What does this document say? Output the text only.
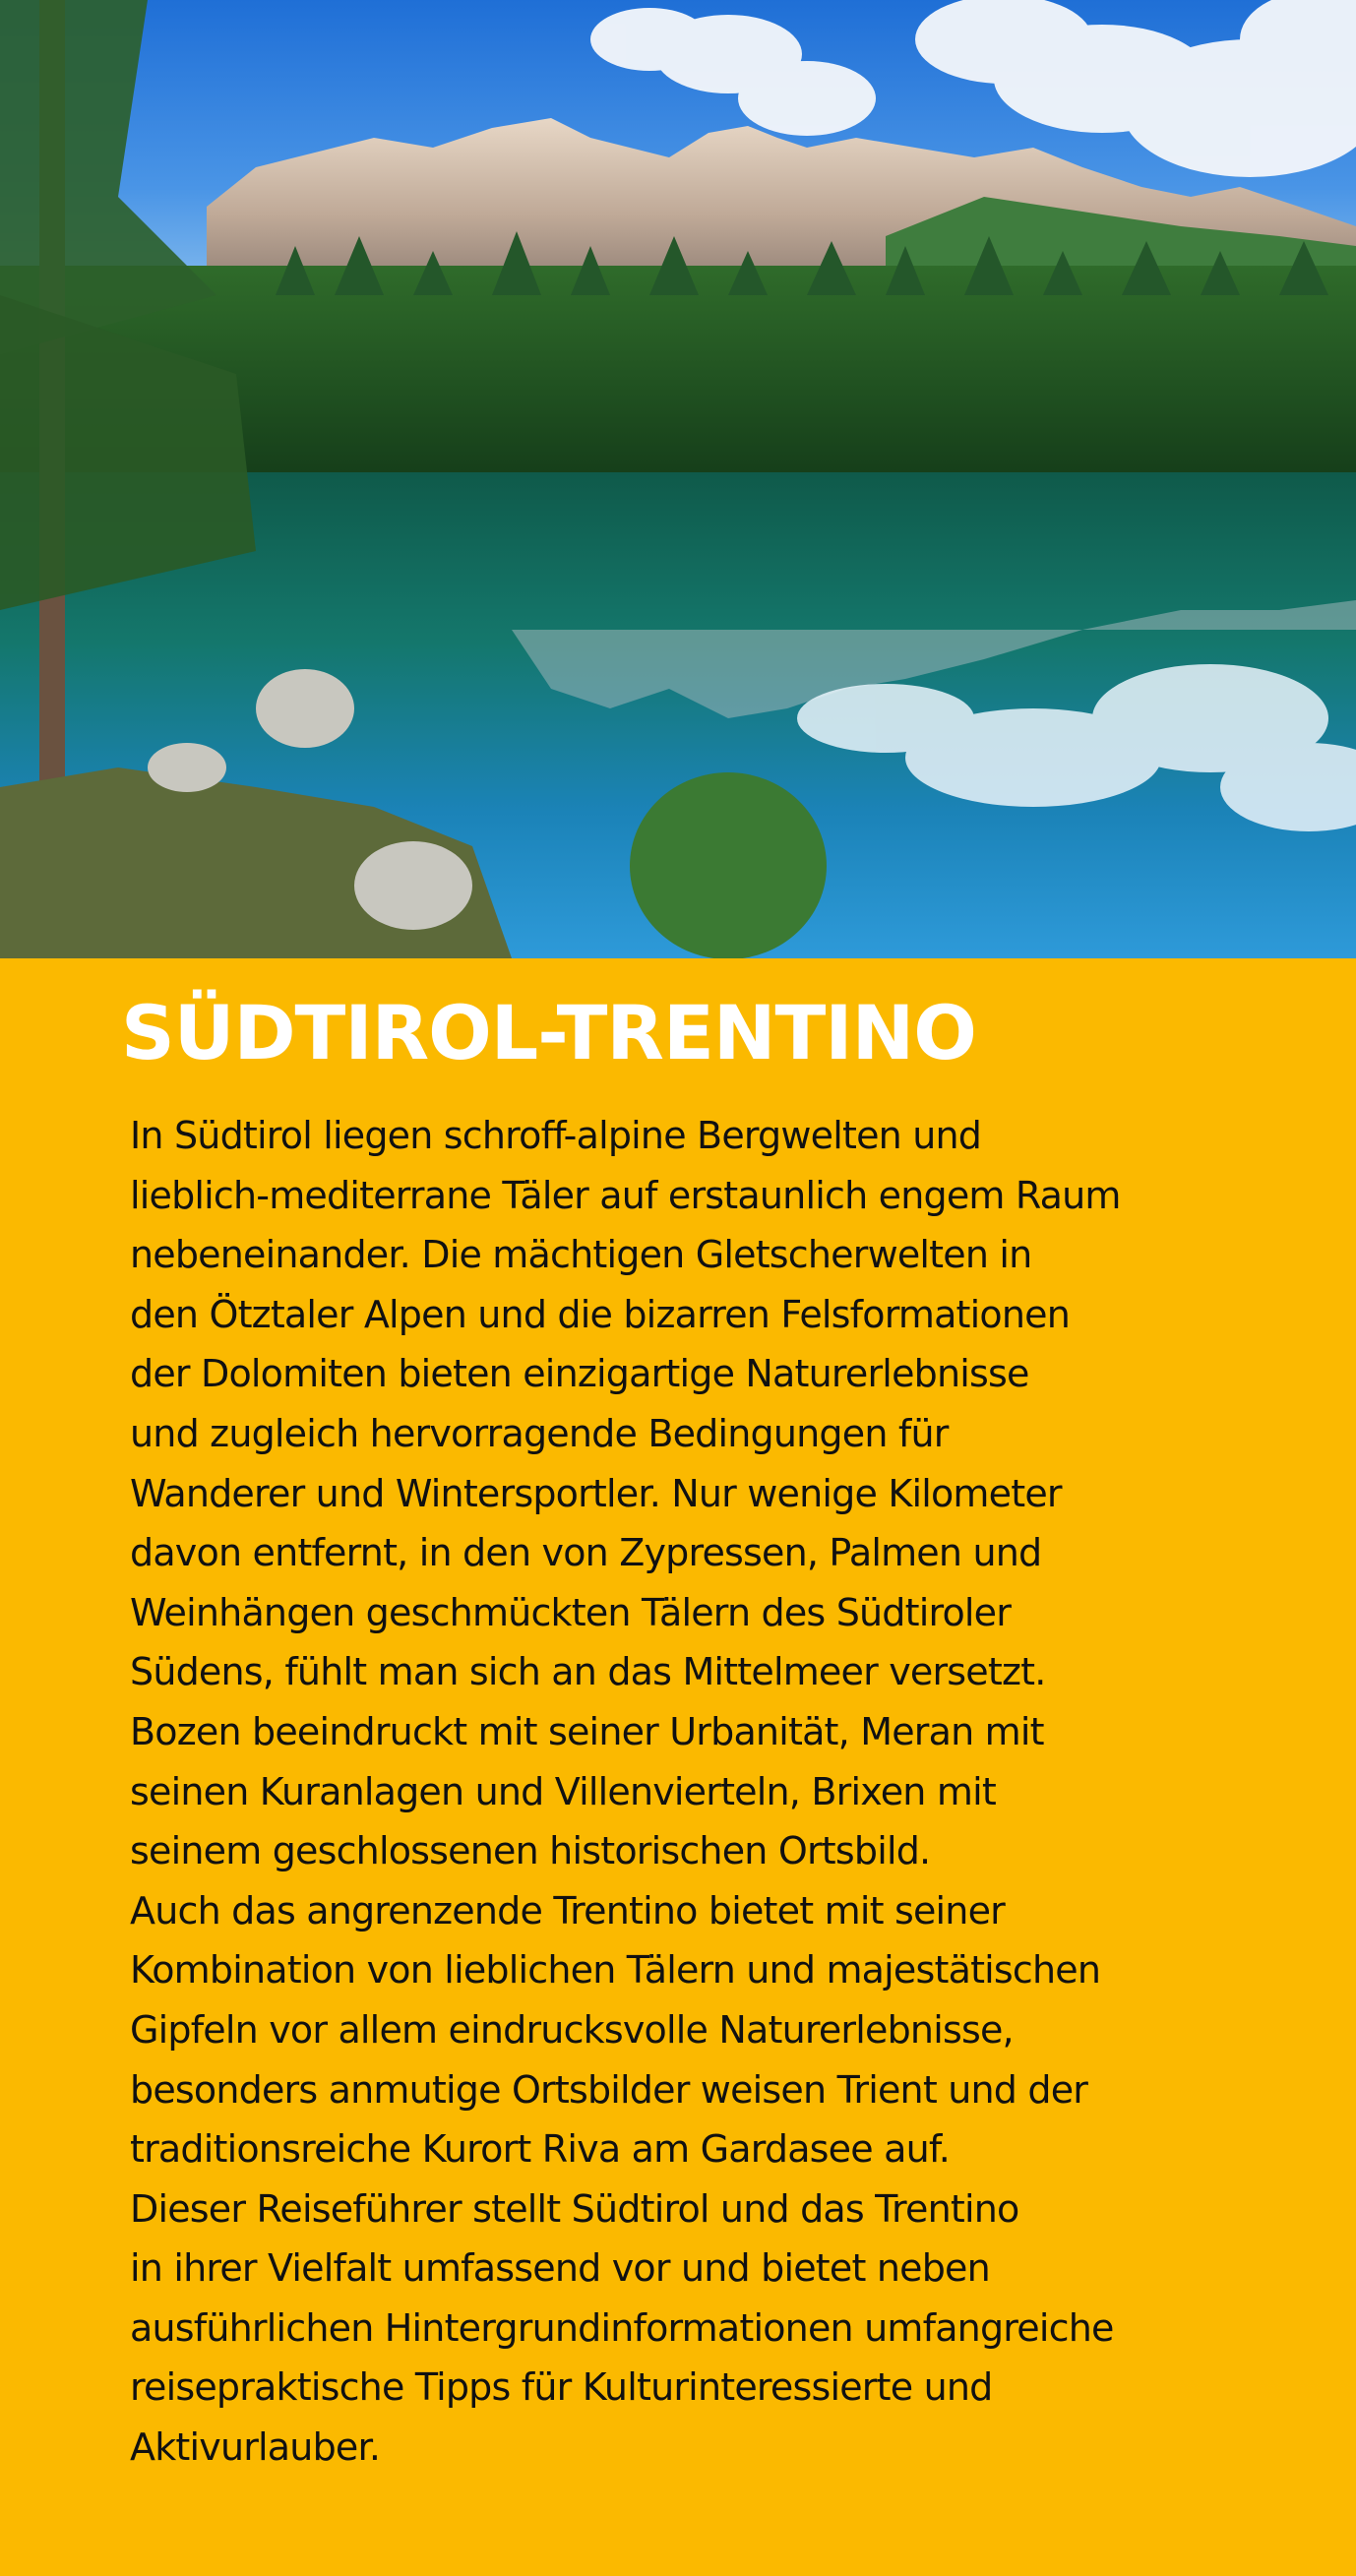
SÜDTIROL-TRENTINO
In Südtirol liegen schroff-alpine Bergwelten und
lieblich-mediterrane Täler auf erstaunlich engem Raum
nebeneinander. Die mächtigen Gletscherwelten in
den Ötztaler Alpen und die bizarren Felsformationen
der Dolomiten bieten einzigartige Naturerlebnisse
und zugleich hervorragende Bedingungen für
Wanderer und Wintersportler. Nur wenige Kilometer
davon entfernt, in den von Zypressen, Palmen und
Weinhängen geschmückten Tälern des Südtiroler
Südens, fühlt man sich an das Mittelmeer versetzt.
Bozen beeindruckt mit seiner Urbanität, Meran mit
seinen Kuranlagen und Villenvierteln, Brixen mit
seinem geschlossenen historischen Ortsbild.
Auch das angrenzende Trentino bietet mit seiner
Kombination von lieblichen Tälern und majestätischen
Gipfeln vor allem eindrucksvolle Naturerlebnisse,
besonders anmutige Ortsbilder weisen Trient und der
traditionsreiche Kurort Riva am Gardasee auf.
Dieser Reiseführer stellt Südtirol und das Trentino
in ihrer Vielfalt umfassend vor und bietet neben
ausführlichen Hintergrundinformationen umfangreiche
reisepraktische Tipps für Kulturinteressierte und
Aktivurlauber.
